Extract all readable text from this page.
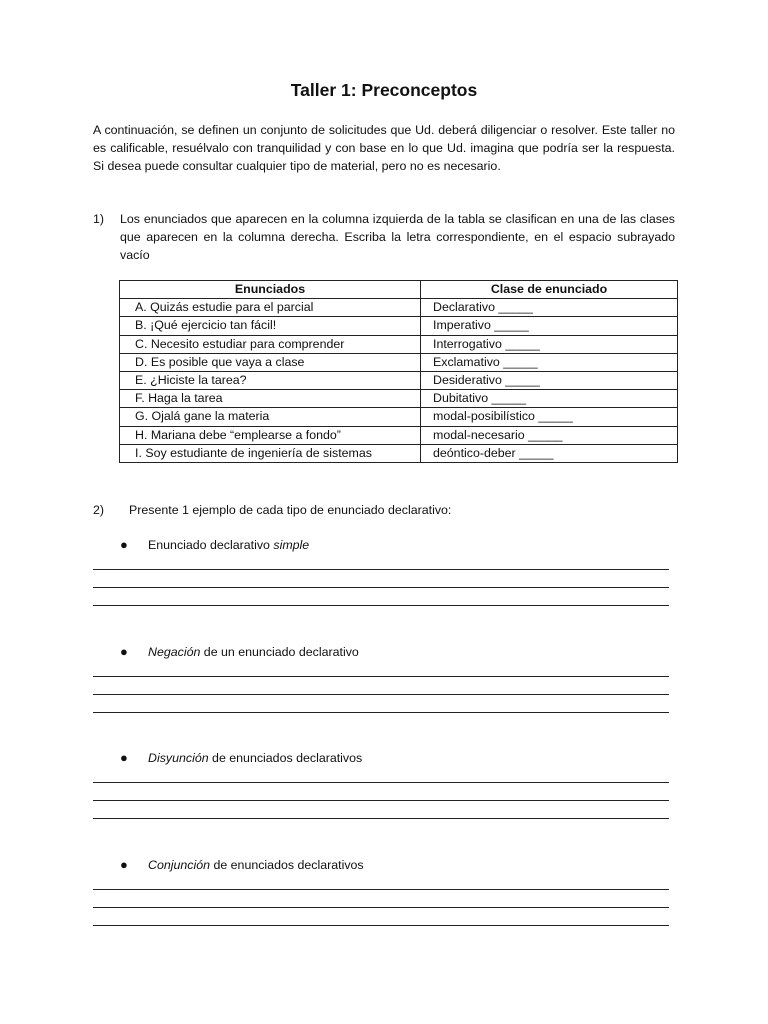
Taller 1: Preconceptos
A continuación, se definen un conjunto de solicitudes que Ud. deberá diligenciar o resolver. Este taller no es calificable, resuélvalo con tranquilidad y con base en lo que Ud. imagina que podría ser la respuesta. Si desea puede consultar cualquier tipo de material, pero no es necesario.
1) Los enunciados que aparecen en la columna izquierda de la tabla se clasifican en una de las clases que aparecen en la columna derecha. Escriba la letra correspondiente, en el espacio subrayado vacío
Enunciados	Clase de enunciado
A. Quizás estudie para el parcial	Declarativo _____
B. ¡Qué ejercicio tan fácil!	Imperativo _____
C. Necesito estudiar para comprender	Interrogativo _____
D. Es posible que vaya a clase	Exclamativo _____
E. ¿Hiciste la tarea?	Desiderativo _____
F. Haga la tarea	Dubitativo _____
G. Ojalá gane la materia	modal-posibilístico _____
H. Mariana debe “emplearse a fondo”	modal-necesario _____
I. Soy estudiante de ingeniería de sistemas	deóntico-deber _____
2) Presente 1 ejemplo de cada tipo de enunciado declarativo:
● Enunciado declarativo simple
● Negación de un enunciado declarativo
● Disyunción de enunciados declarativos
● Conjunción de enunciados declarativos
